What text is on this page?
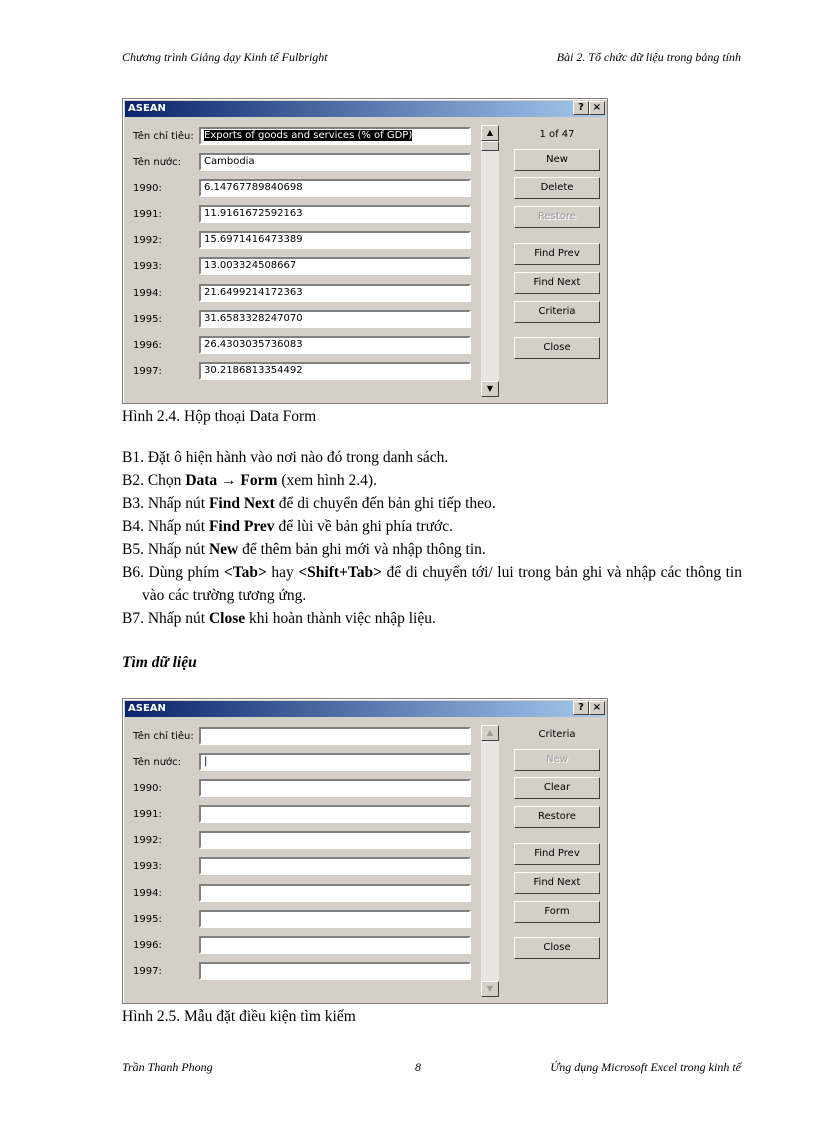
Chương trình Giảng dạy Kinh tế Fulbright	Bài 2. Tổ chức dữ liệu trong bảng tính
ASEAN	? ×
Tên chỉ tiêu:	Exports of goods and services (% of GDP)
Tên nước:	Cambodia
1990:	6.14767789840698
1991:	11.9161672592163
1992:	15.6971416473389
1993:	13.003324508667
1994:	21.6499214172363
1995:	31.6583328247070
1996:	26.4303035736083
1997:	30.2186813354492
▲
▼
1 of 47
New
Delete
Restore
Find Prev
Find Next
Criteria
Close
Hình 2.4. Hộp thoại Data Form
B1. Đặt ô hiện hành vào nơi nào đó trong danh sách.
B2. Chọn Data → Form (xem hình 2.4).
B3. Nhấp nút Find Next để di chuyển đến bản ghi tiếp theo.
B4. Nhấp nút Find Prev để lùi về bản ghi phía trước.
B5. Nhấp nút New để thêm bản ghi mới và nhập thông tin.
B6. Dùng phím <Tab> hay <Shift+Tab> để di chuyển tới/ lui trong bản ghi và nhập các thông tin vào các trường tương ứng.
B7. Nhấp nút Close khi hoàn thành việc nhập liệu.
Tìm dữ liệu
ASEAN	? ×
Tên chỉ tiêu:
Tên nước:	|
1990:
1991:
1992:
1993:
1994:
1995:
1996:
1997:
▲
▼
Criteria
New
Clear
Restore
Find Prev
Find Next
Form
Close
Hình 2.5. Mẫu đặt điều kiện tìm kiếm
Trần Thanh Phong	8	Ứng dụng Microsoft Excel trong kinh tế
